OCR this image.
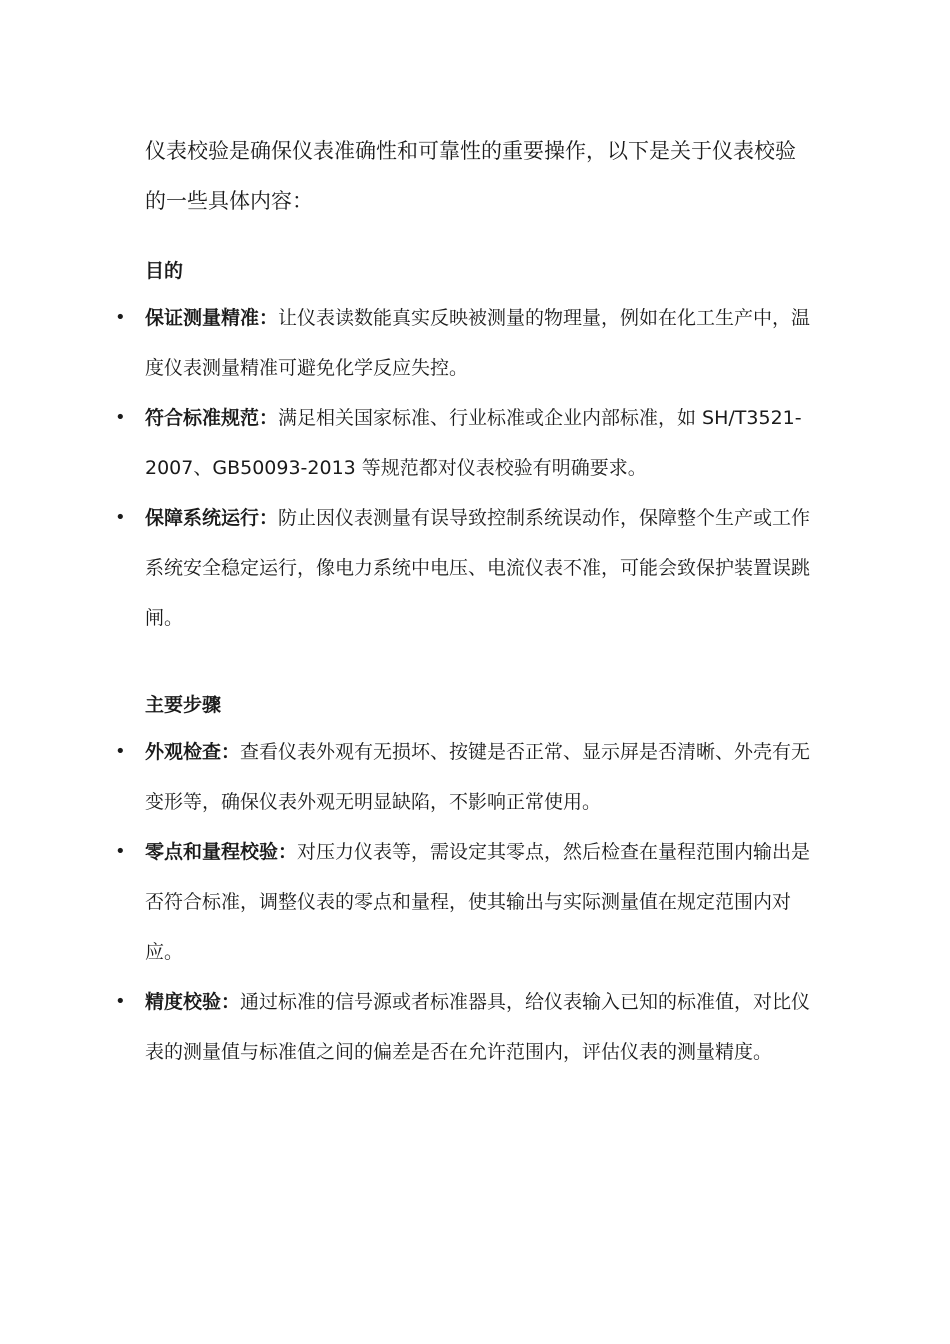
仪表校验是确保仪表准确性和可靠性的重要操作，以下是关于仪表校验的一些具体内容：

目的

• 保证测量精准：让仪表读数能真实反映被测量的物理量，例如在化工生产中，温度仪表测量精准可避免化学反应失控。
• 符合标准规范：满足相关国家标准、行业标准或企业内部标准，如 SH/T3521-2007、GB50093-2013 等规范都对仪表校验有明确要求。
• 保障系统运行：防止因仪表测量有误导致控制系统误动作，保障整个生产或工作系统安全稳定运行，像电力系统中电压、电流仪表不准，可能会致保护装置误跳闸。

主要步骤

• 外观检查：查看仪表外观有无损坏、按键是否正常、显示屏是否清晰、外壳有无变形等，确保仪表外观无明显缺陷，不影响正常使用。
• 零点和量程校验：对压力仪表等，需设定其零点，然后检查在量程范围内输出是否符合标准，调整仪表的零点和量程，使其输出与实际测量值在规定范围内对应。
• 精度校验：通过标准的信号源或者标准器具，给仪表输入已知的标准值，对比仪表的测量值与标准值之间的偏差是否在允许范围内，评估仪表的测量精度。
